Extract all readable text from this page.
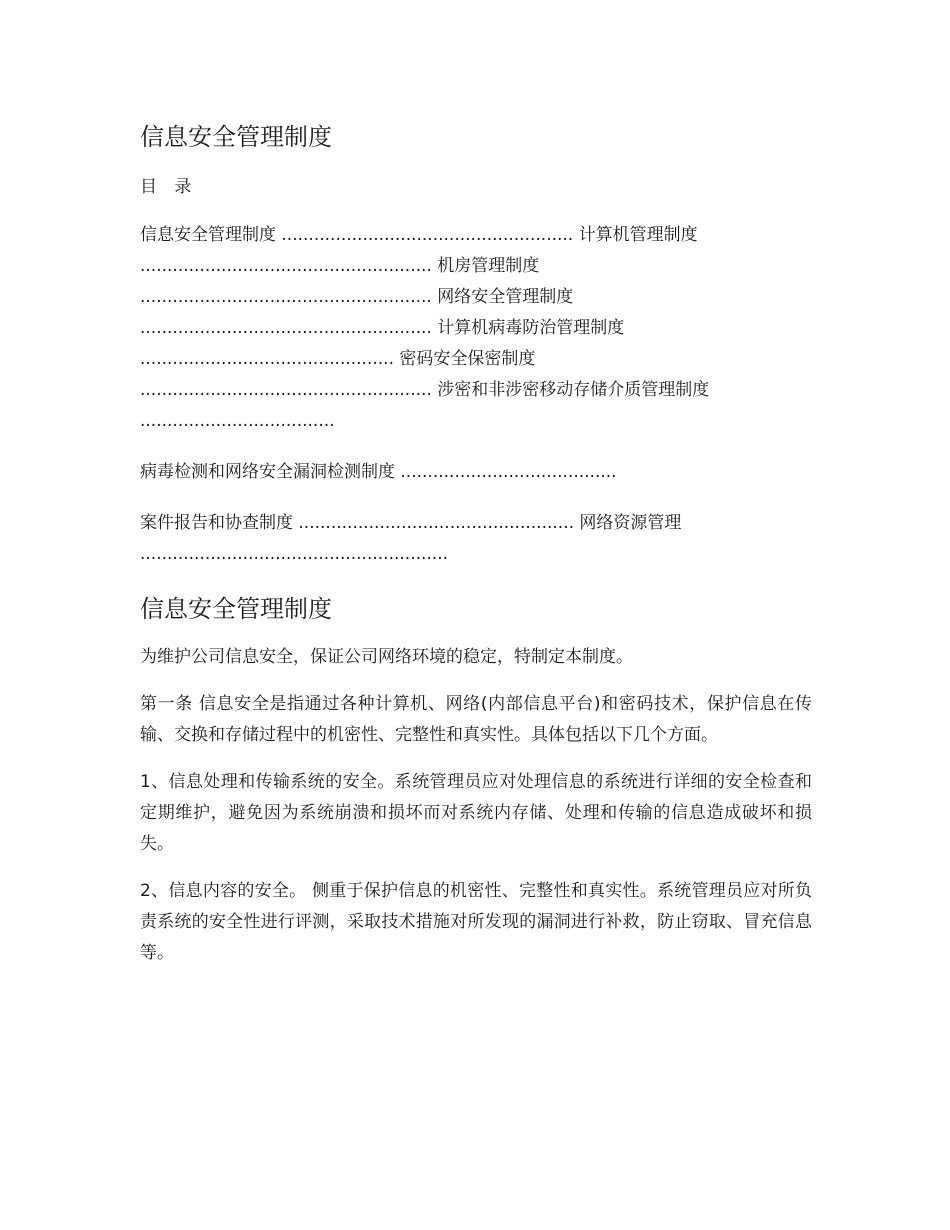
信息安全管理制度
目 录
信息安全管理制度 ...................................................... 计算机管理制度 ...................................................... 机房管理制度 ...................................................... 网络安全管理制度 ...................................................... 计算机病毒防治管理制度 ............................................... 密码安全保密制度 ...................................................... 涉密和非涉密移动存储介质管理制度 ....................................
病毒检测和网络安全漏洞检测制度 ........................................
案件报告和协查制度 ................................................... 网络资源管理 .........................................................
信息安全管理制度

为维护公司信息安全，保证公司网络环境的稳定，特制定本制度。

第一条 信息安全是指通过各种计算机、网络(内部信息平台)和密码技术，保护信息在传输、交换和存储过程中的机密性、完整性和真实性。具体包括以下几个方面。

1、信息处理和传输系统的安全。系统管理员应对处理信息的系统进行详细的安全检查和定期维护，避免因为系统崩溃和损坏而对系统内存储、处理和传输的信息造成破坏和损失。

2、信息内容的安全。 侧重于保护信息的机密性、完整性和真实性。系统管理员应对所负责系统的安全性进行评测，采取技术措施对所发现的漏洞进行补救，防止窃取、冒充信息等。
